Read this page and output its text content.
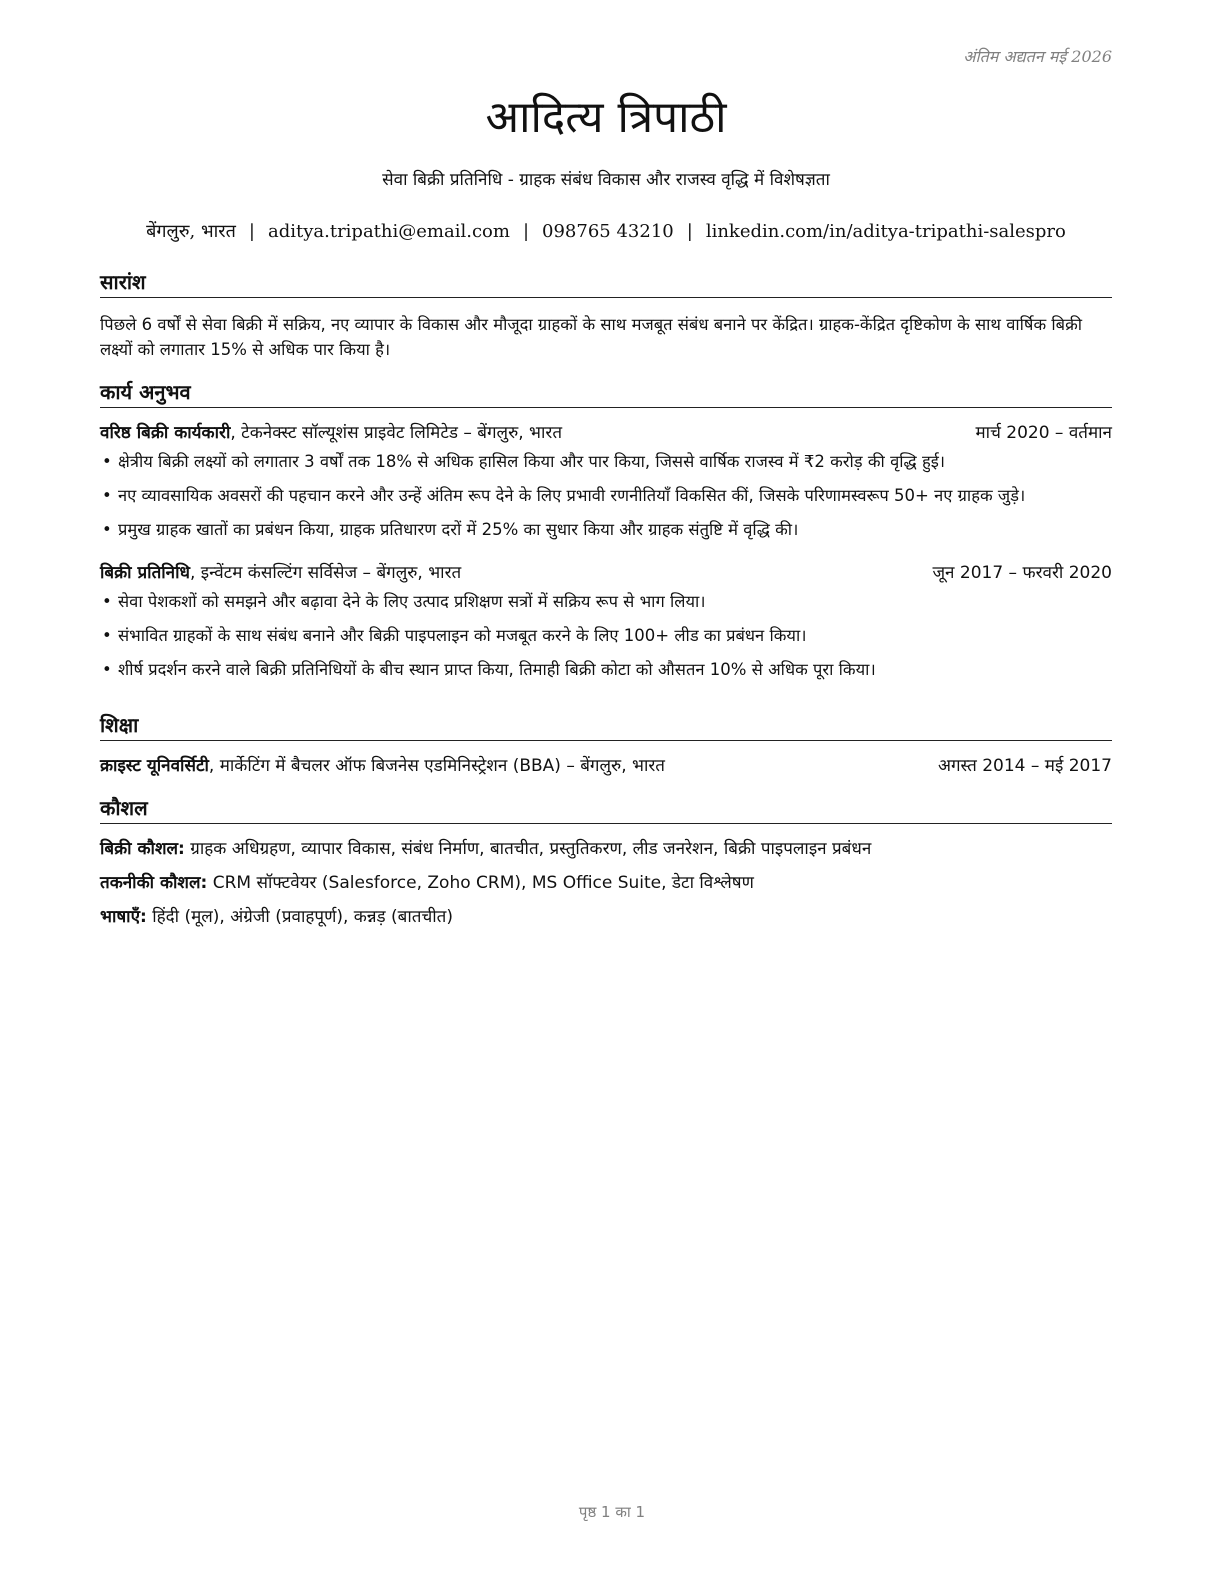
अंतिम अद्यतन मई 2026
आदित्य त्रिपाठी
सेवा बिक्री प्रतिनिधि - ग्राहक संबंध विकास और राजस्व वृद्धि में विशेषज्ञता
बेंगलुरु, भारत | aditya.tripathi@email.com | 098765 43210 | linkedin.com/in/aditya-tripathi-salespro
सारांश
पिछले 6 वर्षों से सेवा बिक्री में सक्रिय, नए व्यापार के विकास और मौजूदा ग्राहकों के साथ मजबूत संबंध बनाने पर केंद्रित। ग्राहक-केंद्रित दृष्टिकोण के साथ वार्षिक बिक्री लक्ष्यों को लगातार 15% से अधिक पार किया है।
कार्य अनुभव
वरिष्ठ बिक्री कार्यकारी, टेकनेक्स्ट सॉल्यूशंस प्राइवेट लिमिटेड – बेंगलुरु, भारत	मार्च 2020 – वर्तमान
• क्षेत्रीय बिक्री लक्ष्यों को लगातार 3 वर्षों तक 18% से अधिक हासिल किया और पार किया, जिससे वार्षिक राजस्व में ₹2 करोड़ की वृद्धि हुई।
• नए व्यावसायिक अवसरों की पहचान करने और उन्हें अंतिम रूप देने के लिए प्रभावी रणनीतियाँ विकसित कीं, जिसके परिणामस्वरूप 50+ नए ग्राहक जुड़े।
• प्रमुख ग्राहक खातों का प्रबंधन किया, ग्राहक प्रतिधारण दरों में 25% का सुधार किया और ग्राहक संतुष्टि में वृद्धि की।
बिक्री प्रतिनिधि, इन्वेंटम कंसल्टिंग सर्विसेज – बेंगलुरु, भारत	जून 2017 – फरवरी 2020
• सेवा पेशकशों को समझने और बढ़ावा देने के लिए उत्पाद प्रशिक्षण सत्रों में सक्रिय रूप से भाग लिया।
• संभावित ग्राहकों के साथ संबंध बनाने और बिक्री पाइपलाइन को मजबूत करने के लिए 100+ लीड का प्रबंधन किया।
• शीर्ष प्रदर्शन करने वाले बिक्री प्रतिनिधियों के बीच स्थान प्राप्त किया, तिमाही बिक्री कोटा को औसतन 10% से अधिक पूरा किया।
शिक्षा
क्राइस्ट यूनिवर्सिटी, मार्केटिंग में बैचलर ऑफ बिजनेस एडमिनिस्ट्रेशन (BBA) – बेंगलुरु, भारत	अगस्त 2014 – मई 2017
कौशल
बिक्री कौशल: ग्राहक अधिग्रहण, व्यापार विकास, संबंध निर्माण, बातचीत, प्रस्तुतिकरण, लीड जनरेशन, बिक्री पाइपलाइन प्रबंधन
तकनीकी कौशल: CRM सॉफ्टवेयर (Salesforce, Zoho CRM), MS Office Suite, डेटा विश्लेषण
भाषाएँ: हिंदी (मूल), अंग्रेजी (प्रवाहपूर्ण), कन्नड़ (बातचीत)
पृष्ठ 1 का 1
